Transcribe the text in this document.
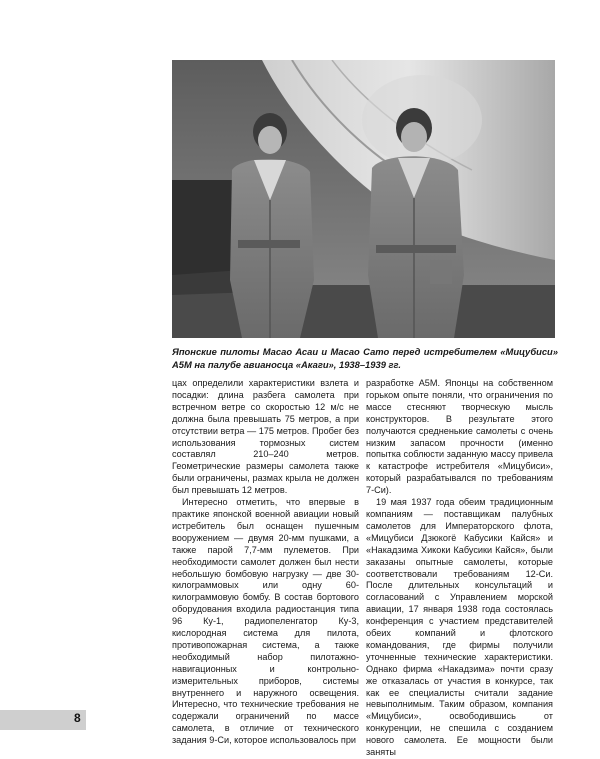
Японские пилоты Масао Асаи и Масао Сато перед истребителем «Мицубиси» A5M на палубе авианосца «Акаги», 1938–1939 гг.

цах определили характеристики взлета и посадки: длина разбега самолета при встречном ветре со скоростью 12 м/с не должна была превышать 75 метров, а при отсутствии ветра — 175 метров. Пробег без использования тормозных систем составлял 210–240 метров. Геометрические размеры самолета также были ограничены, размах крыла не должен был превышать 12 метров.

Интересно отметить, что впервые в практике японской военной авиации новый истребитель был оснащен пушечным вооружением — двумя 20-мм пушками, а также парой 7,7-мм пулеметов. При необходимости самолет должен был нести небольшую бомбовую нагрузку — две 30-килограммовых или одну 60-килограммовую бомбу. В состав бортового оборудования входила радиостанция типа 96 Ку-1, радиопеленгатор Ку-3, кислородная система для пилота, противопожарная система, а также необходимый набор пилотажно-навигационных и контрольно-измерительных приборов, системы внутреннего и наружного освещения. Интересно, что технические требования не содержали ограничений по массе самолета, в отличие от технического задания 9-Си, которое использовалось при

разработке A5M. Японцы на собственном горьком опыте поняли, что ограничения по массе стесняют творческую мысль конструкторов. В результате этого получаются средненькие самолеты с очень низким запасом прочности (именно попытка соблюсти заданную массу привела к катастрофе истребителя «Мицубиси», который разрабатывался по требованиям 7-Си).

19 мая 1937 года обеим традиционным компаниям — поставщикам палубных самолетов для Императорского флота, «Мицубиси Дзюкогё Кабусики Кайся» и «Накадзима Хикоки Кабусики Кайся», были заказаны опытные самолеты, которые соответствовали требованиям 12-Си. После длительных консультаций и согласований с Управлением морской авиации, 17 января 1938 года состоялась конференция с участием представителей обеих компаний и флотского командования, где фирмы получили уточненные технические характеристики. Однако фирма «Накадзима» почти сразу же отказалась от участия в конкурсе, так как ее специалисты считали задание невыполнимым. Таким образом, компания «Мицубиси», освободившись от конкуренции, не спешила с созданием нового самолета. Ее мощности были заняты

8
